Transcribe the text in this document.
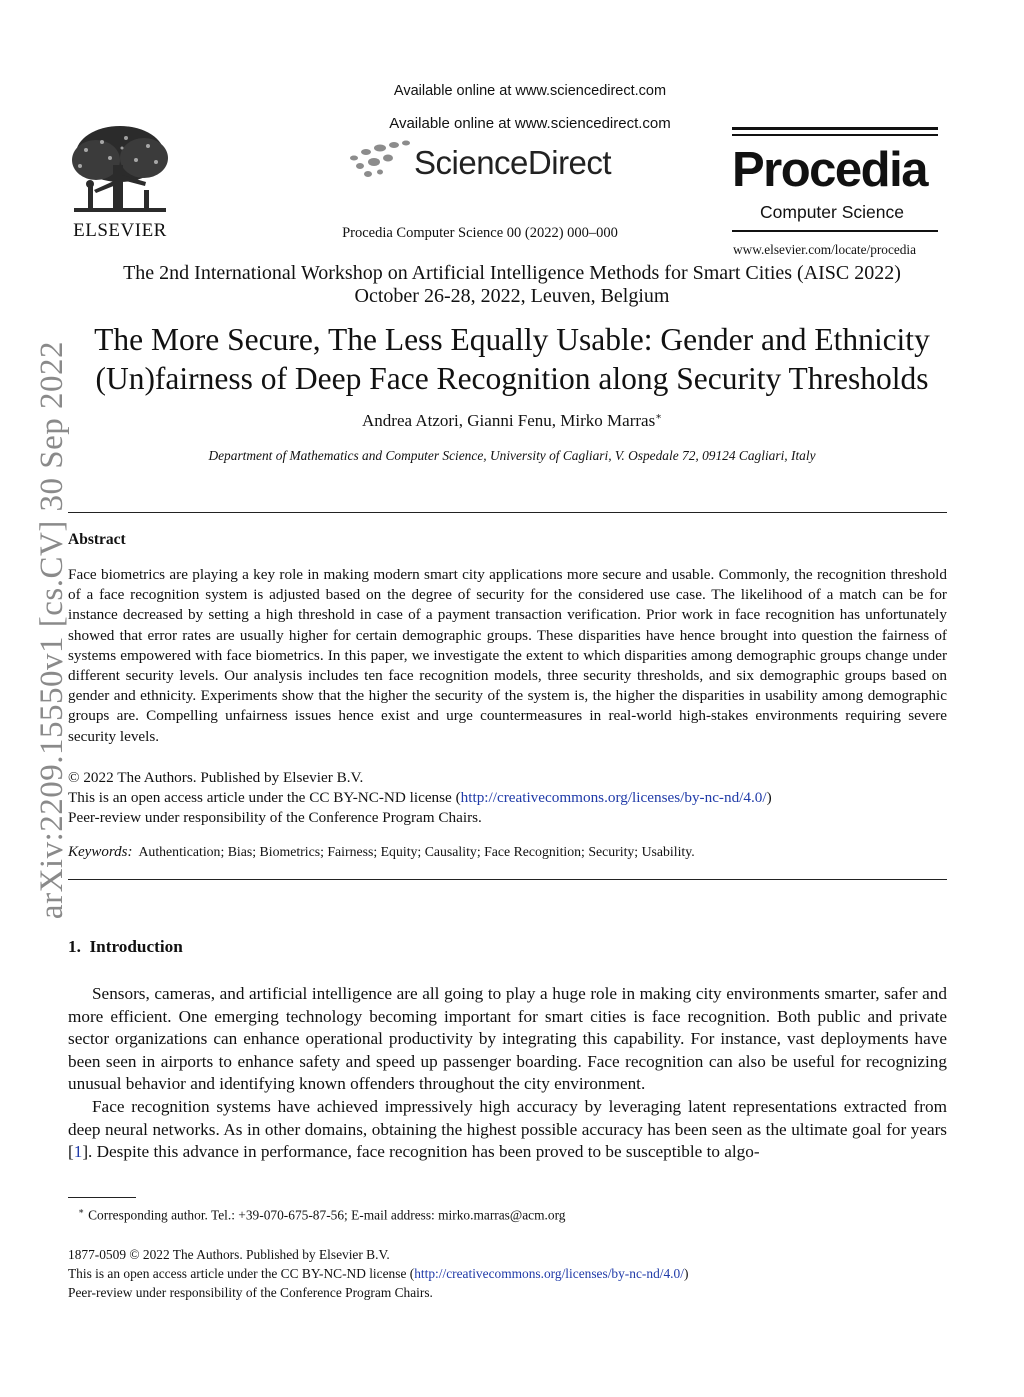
arXiv:2209.15550v1 [cs.CV] 30 Sep 2022
Available online at www.sciencedirect.com
Available online at www.sciencedirect.com
ELSEVIER
ScienceDirect
Procedia Computer Science 00 (2022) 000–000
Procedia
Computer Science
www.elsevier.com/locate/procedia
The 2nd International Workshop on Artificial Intelligence Methods for Smart Cities (AISC 2022)
October 26-28, 2022, Leuven, Belgium
The More Secure, The Less Equally Usable: Gender and Ethnicity
(Un)fairness of Deep Face Recognition along Security Thresholds
Andrea Atzori, Gianni Fenu, Mirko Marras∗
Department of Mathematics and Computer Science, University of Cagliari, V. Ospedale 72, 09124 Cagliari, Italy
Abstract
Face biometrics are playing a key role in making modern smart city applications more secure and usable. Commonly, the recognition threshold of a face recognition system is adjusted based on the degree of security for the considered use case. The likelihood of a match can be for instance decreased by setting a high threshold in case of a payment transaction verification. Prior work in face recognition has unfortunately showed that error rates are usually higher for certain demographic groups. These disparities have hence brought into question the fairness of systems empowered with face biometrics. In this paper, we investigate the extent to which disparities among demographic groups change under different security levels. Our analysis includes ten face recognition models, three security thresholds, and six demographic groups based on gender and ethnicity. Experiments show that the higher the security of the system is, the higher the disparities in usability among demographic groups are. Compelling unfairness issues hence exist and urge countermeasures in real-world high-stakes environments requiring severe security levels.
© 2022 The Authors. Published by Elsevier B.V.
This is an open access article under the CC BY-NC-ND license (http://creativecommons.org/licenses/by-nc-nd/4.0/)
Peer-review under responsibility of the Conference Program Chairs.
Keywords: Authentication; Bias; Biometrics; Fairness; Equity; Causality; Face Recognition; Security; Usability.
1.  Introduction
Sensors, cameras, and artificial intelligence are all going to play a huge role in making city environments smarter, safer and more efficient. One emerging technology becoming important for smart cities is face recognition. Both public and private sector organizations can enhance operational productivity by integrating this capability. For instance, vast deployments have been seen in airports to enhance safety and speed up passenger boarding. Face recognition can also be useful for recognizing unusual behavior and identifying known offenders throughout the city environment.
Face recognition systems have achieved impressively high accuracy by leveraging latent representations extracted from deep neural networks. As in other domains, obtaining the highest possible accuracy has been seen as the ultimate goal for years [1]. Despite this advance in performance, face recognition has been proved to be susceptible to algo-
∗ Corresponding author. Tel.: +39-070-675-87-56; E-mail address: mirko.marras@acm.org
1877-0509 © 2022 The Authors. Published by Elsevier B.V.
This is an open access article under the CC BY-NC-ND license (http://creativecommons.org/licenses/by-nc-nd/4.0/)
Peer-review under responsibility of the Conference Program Chairs.
